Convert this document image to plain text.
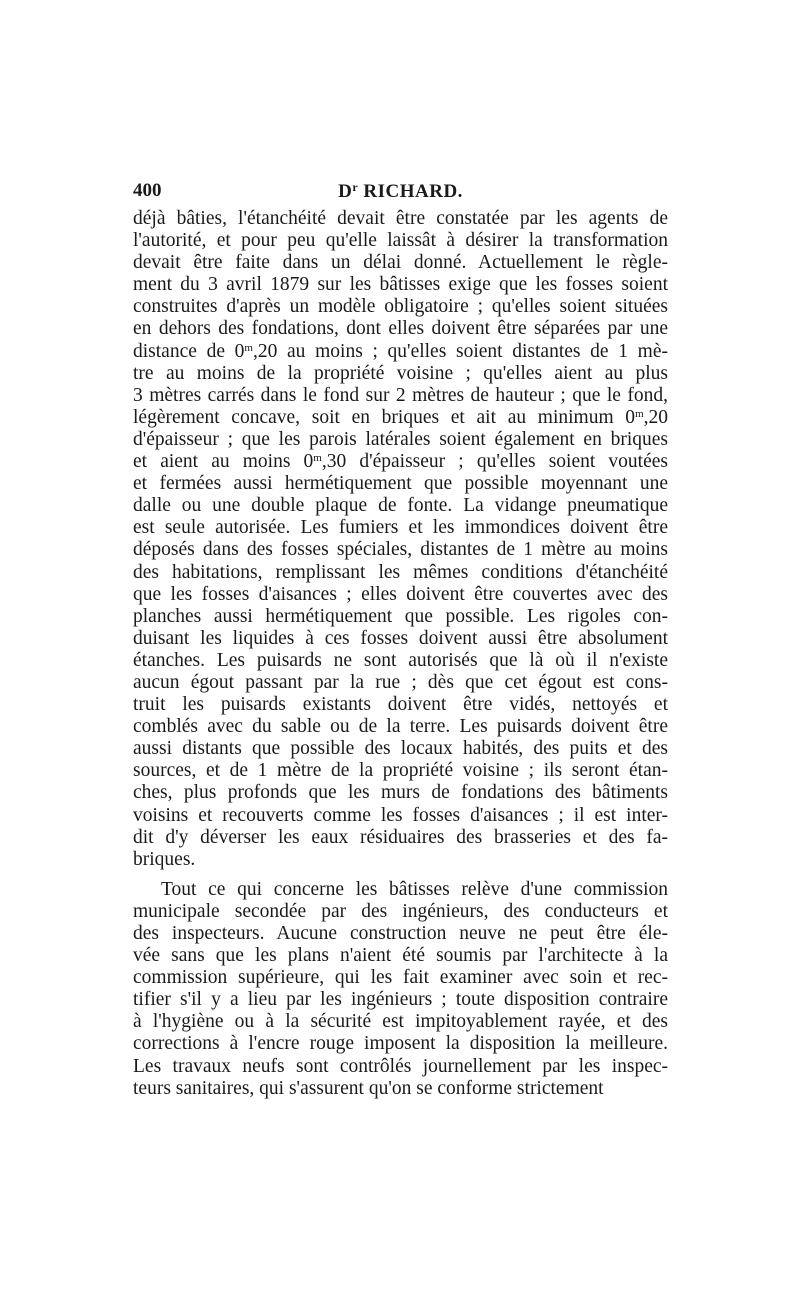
400	$D^r$ RICHARD.
déjà bâties, l'étanchéité devait être constatée par les agents de
l'autorité, et pour peu qu'elle laissât à désirer la transformation
devait être faite dans un délai donné. Actuellement le règle-
ment du 3 avril 1879 sur les bâtisses exige que les fosses soient
construites d'après un modèle obligatoire ; qu'elles soient situées
en dehors des fondations, dont elles doivent être séparées par une
distance de 0$^m$,20 au moins ; qu'elles soient distantes de 1 mè-
tre au moins de la propriété voisine ; qu'elles aient au plus
3 mètres carrés dans le fond sur 2 mètres de hauteur ; que le fond,
légèrement concave, soit en briques et ait au minimum 0$^m$,20
d'épaisseur ; que les parois latérales soient également en briques
et aient au moins 0$^m$,30 d'épaisseur ; qu'elles soient voutées
et fermées aussi hermétiquement que possible moyennant une
dalle ou une double plaque de fonte. La vidange pneumatique
est seule autorisée. Les fumiers et les immondices doivent être
déposés dans des fosses spéciales, distantes de 1 mètre au moins
des habitations, remplissant les mêmes conditions d'étanchéité
que les fosses d'aisances ; elles doivent être couvertes avec des
planches aussi hermétiquement que possible. Les rigoles con-
duisant les liquides à ces fosses doivent aussi être absolument
étanches. Les puisards ne sont autorisés que là où il n'existe
aucun égout passant par la rue ; dès que cet égout est cons-
truit les puisards existants doivent être vidés, nettoyés et
comblés avec du sable ou de la terre. Les puisards doivent être
aussi distants que possible des locaux habités, des puits et des
sources, et de 1 mètre de la propriété voisine ; ils seront étan-
ches, plus profonds que les murs de fondations des bâtiments
voisins et recouverts comme les fosses d'aisances ; il est inter-
dit d'y déverser les eaux résiduaires des brasseries et des fa-
briques.
Tout ce qui concerne les bâtisses relève d'une commission
municipale secondée par des ingénieurs, des conducteurs et
des inspecteurs. Aucune construction neuve ne peut être éle-
vée sans que les plans n'aient été soumis par l'architecte à la
commission supérieure, qui les fait examiner avec soin et rec-
tifier s'il y a lieu par les ingénieurs ; toute disposition contraire
à l'hygiène ou à la sécurité est impitoyablement rayée, et des
corrections à l'encre rouge imposent la disposition la meilleure.
Les travaux neufs sont contrôlés journellement par les inspec-
teurs sanitaires, qui s'assurent qu'on se conforme strictement
